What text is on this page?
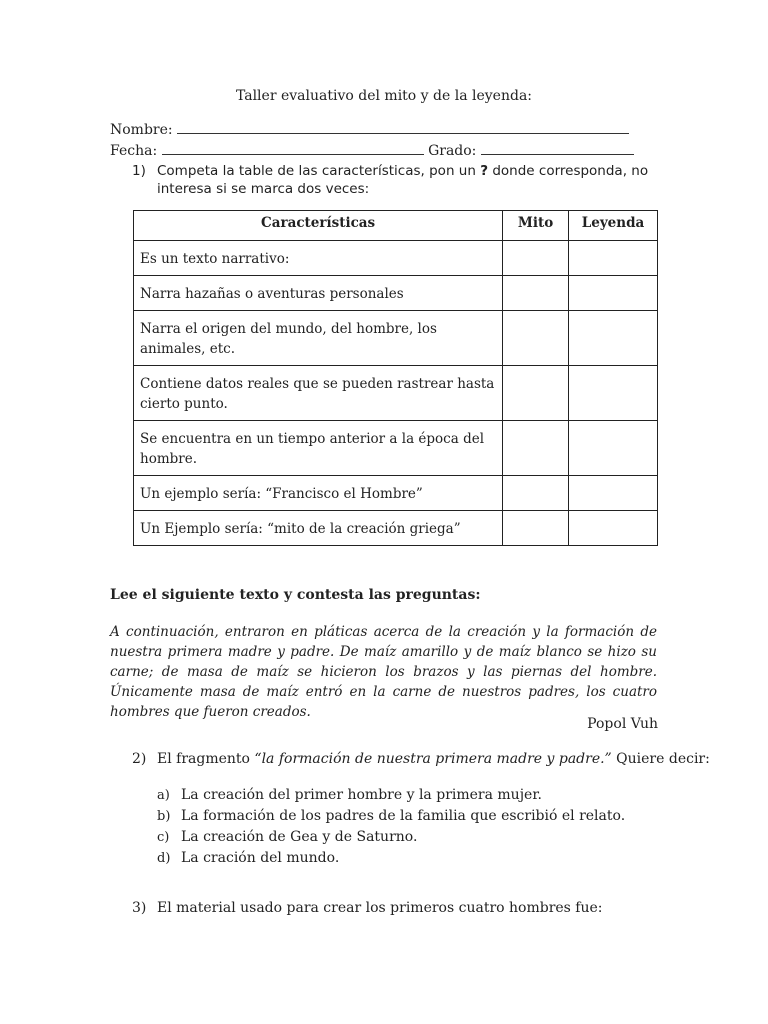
Taller evaluativo del mito y de la leyenda:
Nombre:
Fecha:	Grado:
1) Competa la table de las características, pon un ? donde corresponda, no
interesa si se marca dos veces:
Características	Mito	Leyenda
Es un texto narrativo:		
Narra hazañas o aventuras personales		
Narra el origen del mundo, del hombre, los animales, etc.		
Contiene datos reales que se pueden rastrear hasta cierto punto.		
Se encuentra en un tiempo anterior a la época del hombre.		
Un ejemplo sería: “Francisco el Hombre”		
Un Ejemplo sería: “mito de la creación griega”		
Lee el siguiente texto y contesta las preguntas:
A continuación, entraron en pláticas acerca de la creación y la formación de nuestra primera madre y padre. De maíz amarillo y de maíz blanco se hizo su carne; de masa de maíz se hicieron los brazos y las piernas del hombre. Únicamente masa de maíz entró en la carne de nuestros padres, los cuatro hombres que fueron creados.
Popol Vuh
2) El fragmento “la formación de nuestra primera madre y padre.” Quiere decir:
a) La creación del primer hombre y la primera mujer.
b) La formación de los padres de la familia que escribió el relato.
c) La creación de Gea y de Saturno.
d) La cración del mundo.
3) El material usado para crear los primeros cuatro hombres fue:
